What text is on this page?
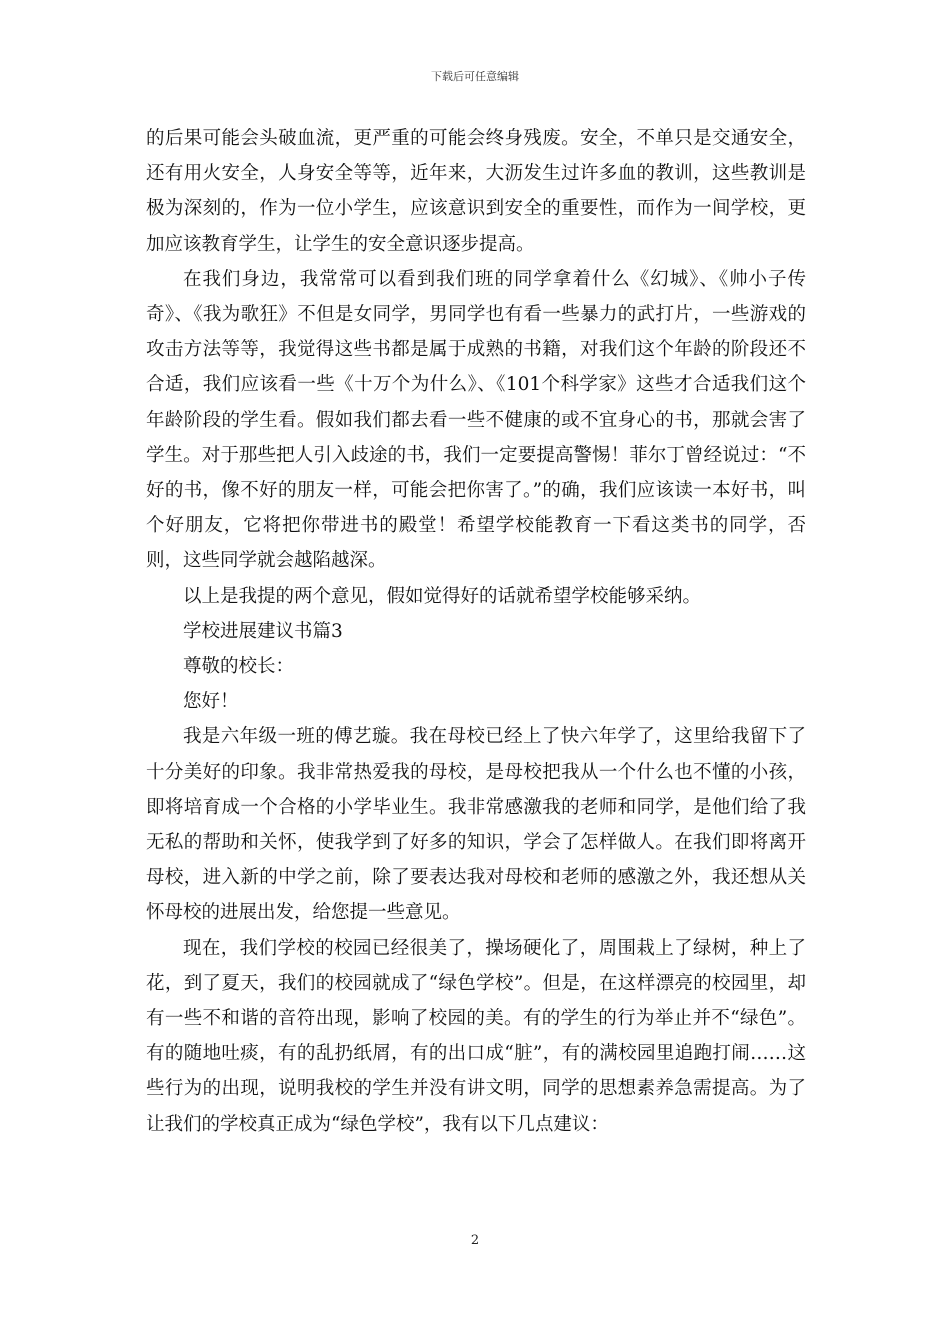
下载后可任意编辑

的后果可能会头破血流，更严重的可能会终身残废。安全，不单只是交通安全，还有用火安全，人身安全等等，近年来，大沥发生过许多血的教训，这些教训是极为深刻的，作为一位小学生，应该意识到安全的重要性，而作为一间学校，更加应该教育学生，让学生的安全意识逐步提高。

在我们身边，我常常可以看到我们班的同学拿着什么《幻城》、《帅小子传奇》、《我为歌狂》不但是女同学，男同学也有看一些暴力的武打片，一些游戏的攻击方法等等，我觉得这些书都是属于成熟的书籍，对我们这个年龄的阶段还不合适，我们应该看一些《十万个为什么》、《101个科学家》这些才合适我们这个年龄阶段的学生看。假如我们都去看一些不健康的或不宜身心的书，那就会害了学生。对于那些把人引入歧途的书，我们一定要提高警惕！菲尔丁曾经说过：“不好的书，像不好的朋友一样，可能会把你害了。”的确，我们应该读一本好书，叫个好朋友，它将把你带进书的殿堂！希望学校能教育一下看这类书的同学，否则，这些同学就会越陷越深。

以上是我提的两个意见，假如觉得好的话就希望学校能够采纳。

学校进展建议书篇3

尊敬的校长：

您好！

我是六年级一班的傅艺璇。我在母校已经上了快六年学了，这里给我留下了十分美好的印象。我非常热爱我的母校，是母校把我从一个什么也不懂的小孩，即将培育成一个合格的小学毕业生。我非常感激我的老师和同学，是他们给了我无私的帮助和关怀，使我学到了好多的知识，学会了怎样做人。在我们即将离开母校，进入新的中学之前，除了要表达我对母校和老师的感激之外，我还想从关怀母校的进展出发，给您提一些意见。

现在，我们学校的校园已经很美了，操场硬化了，周围栽上了绿树，种上了花，到了夏天，我们的校园就成了“绿色学校”。但是，在这样漂亮的校园里，却有一些不和谐的音符出现，影响了校园的美。有的学生的行为举止并不“绿色”。有的随地吐痰，有的乱扔纸屑，有的出口成“脏”，有的满校园里追跑打闹……这些行为的出现，说明我校的学生并没有讲文明，同学的思想素养急需提高。为了让我们的学校真正成为“绿色学校”，我有以下几点建议：

2
